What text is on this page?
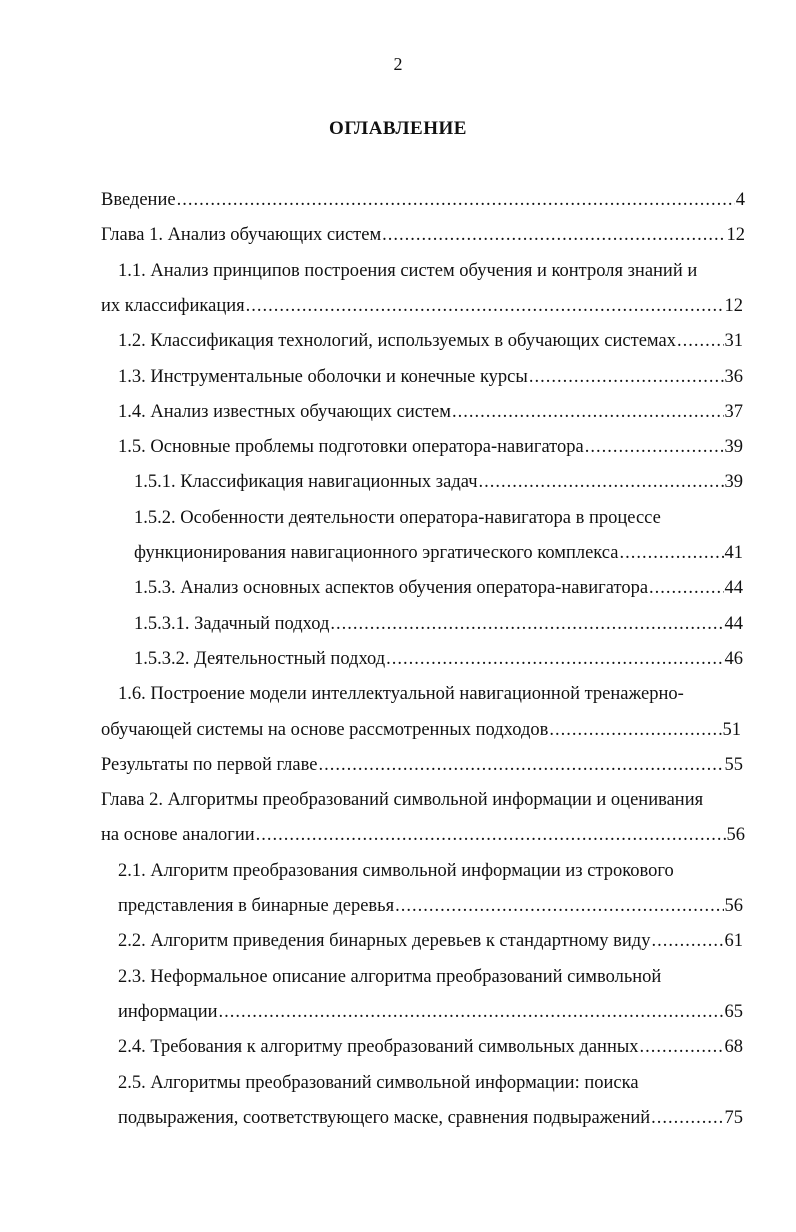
2
ОГЛАВЛЕНИЕ
Введение .....	4
Глава 1. Анализ обучающих систем .....	12
1.1. Анализ принципов построения систем обучения и контроля знаний и
их классификация .....	12
1.2. Классификация технологий, используемых в обучающих системах .....	31
1.3. Инструментальные оболочки и конечные курсы .....	36
1.4. Анализ известных обучающих систем .....	37
1.5. Основные проблемы подготовки оператора-навигатора .....	39
1.5.1. Классификация навигационных задач .....	39
1.5.2. Особенности деятельности оператора-навигатора в процессе
функционирования навигационного эргатического комплекса .....	41
1.5.3. Анализ основных аспектов обучения оператора-навигатора .....	44
1.5.3.1. Задачный подход .....	44
1.5.3.2. Деятельностный подход .....	46
1.6. Построение модели интеллектуальной навигационной тренажерно-
обучающей системы на основе рассмотренных подходов .....	51
Результаты по первой главе .....	55
Глава 2. Алгоритмы преобразований символьной информации и оценивания
на основе аналогии .....	56
2.1. Алгоритм преобразования символьной информации из строкового
представления в бинарные деревья .....	56
2.2. Алгоритм приведения бинарных деревьев к стандартному виду .....	61
2.3. Неформальное описание алгоритма преобразований символьной
информации .....	65
2.4. Требования к алгоритму преобразований символьных данных .....	68
2.5. Алгоритмы преобразований символьной информации: поиска
подвыражения, соответствующего маске, сравнения подвыражений .....	75
